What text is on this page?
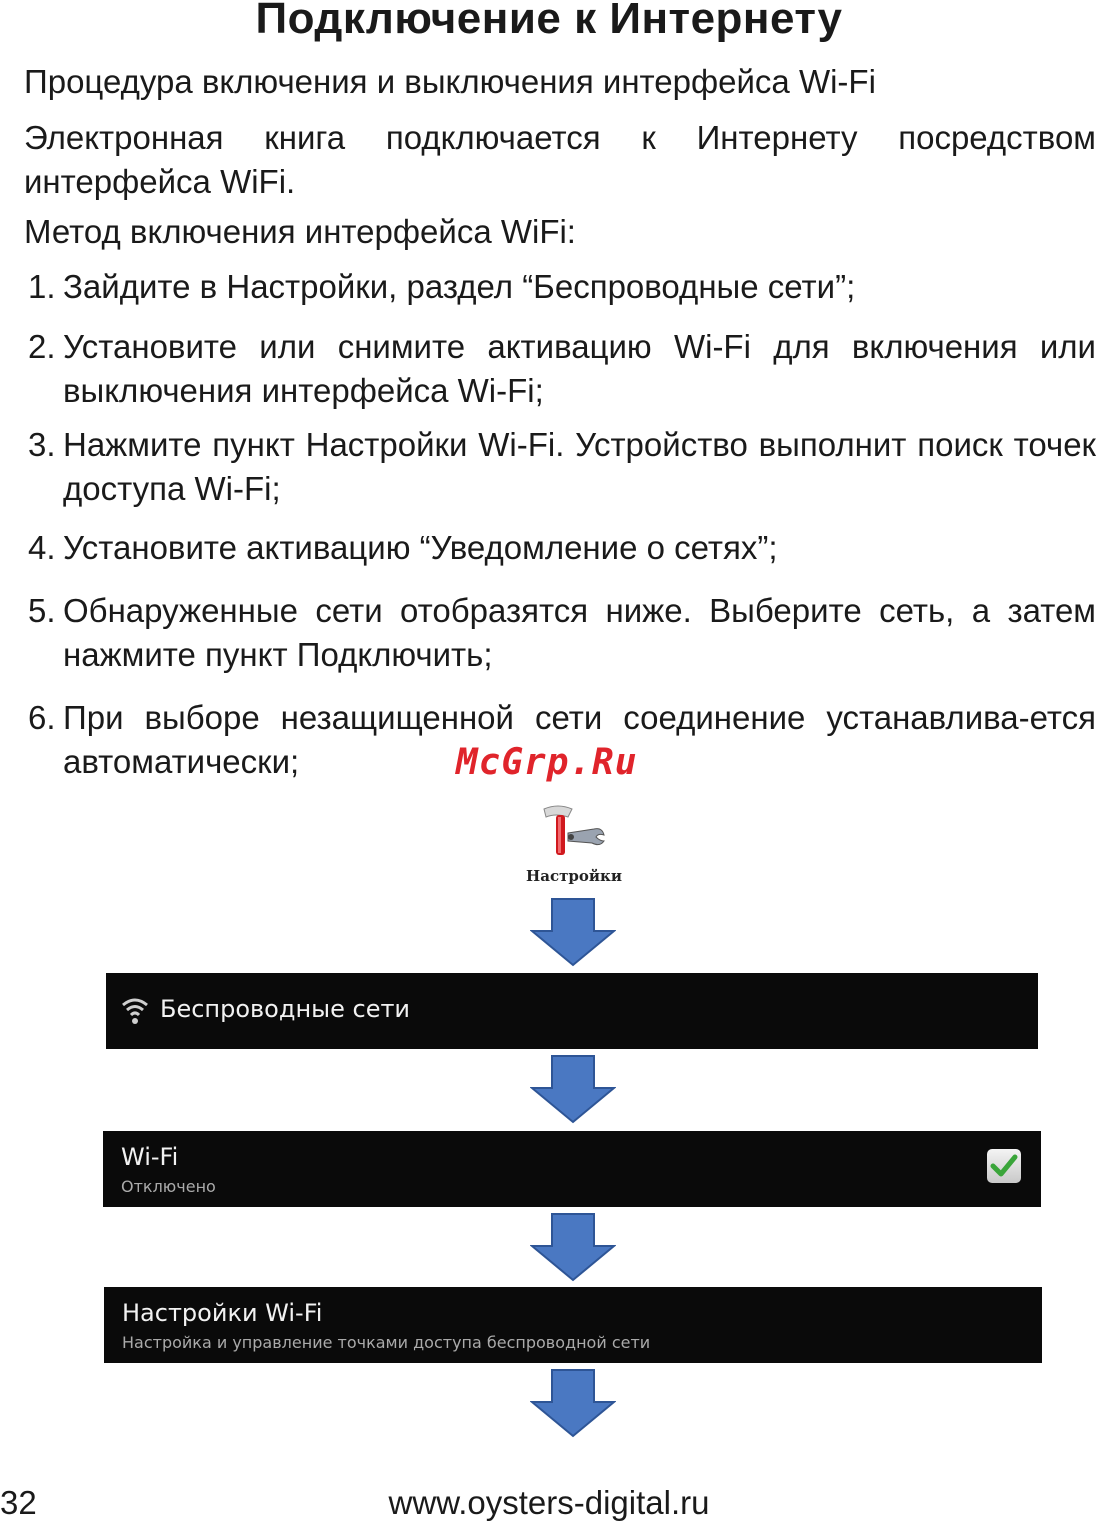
Подключение к Интернету

Процедура включения и выключения интерфейса Wi-Fi

Электронная книга подключается к Интернету посредством интерфейса WiFi.

Метод включения интерфейса WiFi:

1. Зайдите в Настройки, раздел “Беспроводные сети”;
2. Установите или снимите активацию Wi-Fi для включения или выключения интерфейса Wi-Fi;
3. Нажмите пункт Настройки Wi-Fi. Устройство выполнит поиск точек доступа Wi-Fi;
4. Установите активацию “Уведомление о сетях”;
5. Обнаруженные сети отобразятся ниже. Выберите сеть, а затем нажмите пункт Подключить;
6. При выборе незащищенной сети соединение устанавлива-ется автоматически;	McGrp.Ru
Настройки
Беспроводные сети
Wi-Fi
Отключено
Настройки Wi-Fi
Настройка и управление точками доступа беспроводной сети
32	www.oysters-digital.ru
